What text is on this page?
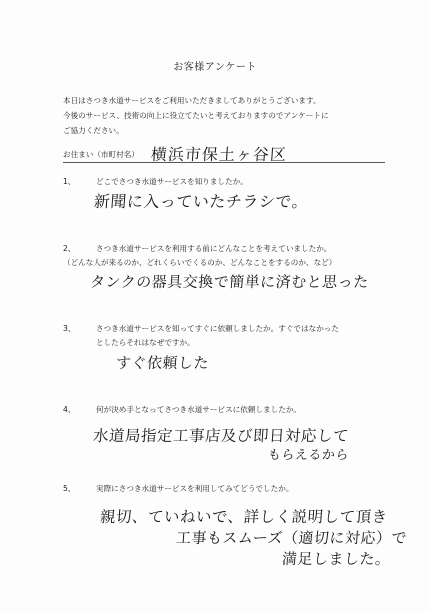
お客様アンケート
本日はさつき水道サービスをご利用いただきましてありがとうございます。
今後のサービス、技術の向上に役立てたいと考えておりますのでアンケートに
ご協力ください。
お住まい（市町村名） 横浜市保土ヶ谷区
1、	どこでさつき水道サービスを知りましたか。
新聞に入っていたチラシで。
2、	さつき水道サービスを利用する前にどんなことを考えていましたか。
（どんな人が来るのか、どれくらいでくるのか、どんなことをするのか、など）
タンクの器具交換で簡単に済むと思った
3、	さつき水道サービスを知ってすぐに依頼しましたか。すぐではなかった
としたらそれはなぜですか。
すぐ依頼した
4、	何が決め手となってさつき水道サービスに依頼しましたか。
水道局指定工事店及び即日対応して
もらえるから
5、	実際にさつき水道サービスを利用してみてどうでしたか。
親切、ていねいで、詳しく説明して頂き
工事もスムーズ（適切に対応）で
満足しました。
